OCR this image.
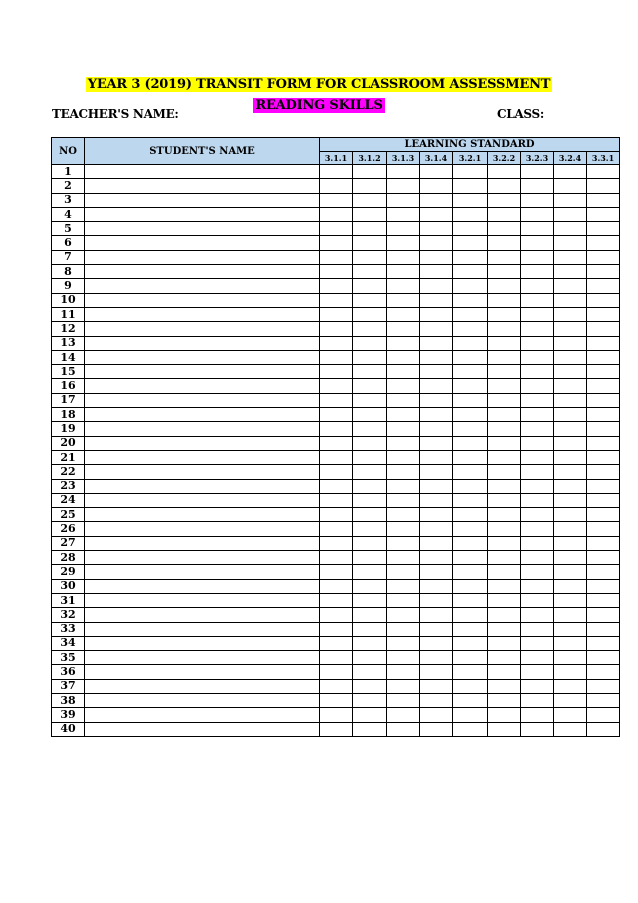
YEAR 3 (2019) TRANSIT FORM FOR CLASSROOM ASSESSMENT
READING SKILLS
TEACHER'S NAME:	CLASS:
NO	STUDENT'S NAME	LEARNING STANDARD								
		3.1.1	3.1.2	3.1.3	3.1.4	3.2.1	3.2.2	3.2.3	3.2.4	3.3.1
1										
2										
3										
4										
5										
6										
7										
8										
9										
10										
11										
12										
13										
14										
15										
16										
17										
18										
19										
20										
21										
22										
23										
24										
25										
26										
27										
28										
29										
30										
31										
32										
33										
34										
35										
36										
37										
38										
39										
40										
